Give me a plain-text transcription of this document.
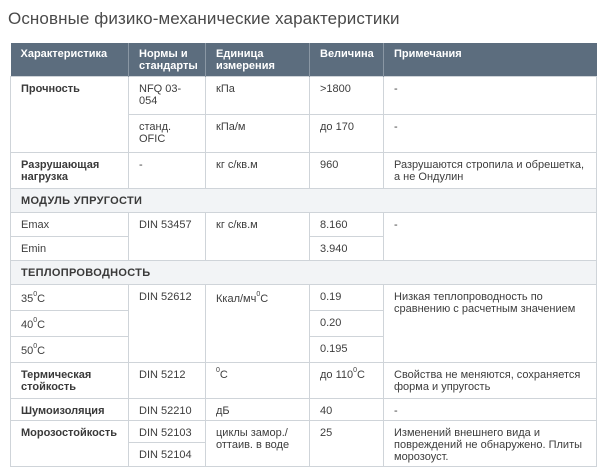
Основные физико-механические характеристики
Характеристика	Нормы и стандарты	Единица измерения	Величина	Примечания
Прочность	NFQ 03-054	кПа	>1800	-
	станд. OFIC	кПа/м	до 170	-
Разрушающая нагрузка	-	кг с/кв.м	960	Разрушаются стропила и обрешетка, а не Ондулин
МОДУЛЬ УПРУГОСТИ				
Emax	DIN 53457	кг с/кв.м	8.160	-
Emin			3.940	
ТЕПЛОПРОВОДНОСТЬ				
$35^0С$	DIN 52612	Ккал/$мч^0С$	0.19	Низкая теплопроводность по сравнению с расчетным значением
$40^0С$			0.20	
$50^0С$			0.195	
Термическая стойкость	DIN 5212	$^0$С	до $110^0С$	Свойства не меняются, сохраняется форма и упругость
Шумоизоляция	DIN 52210	дБ	40	-
Морозостойкость	DIN 52103	циклы замор./оттаив. в воде	25	Изменений внешнего вида и повреждений не обнаружено. Плиты морозоуст.
	DIN 52104			
